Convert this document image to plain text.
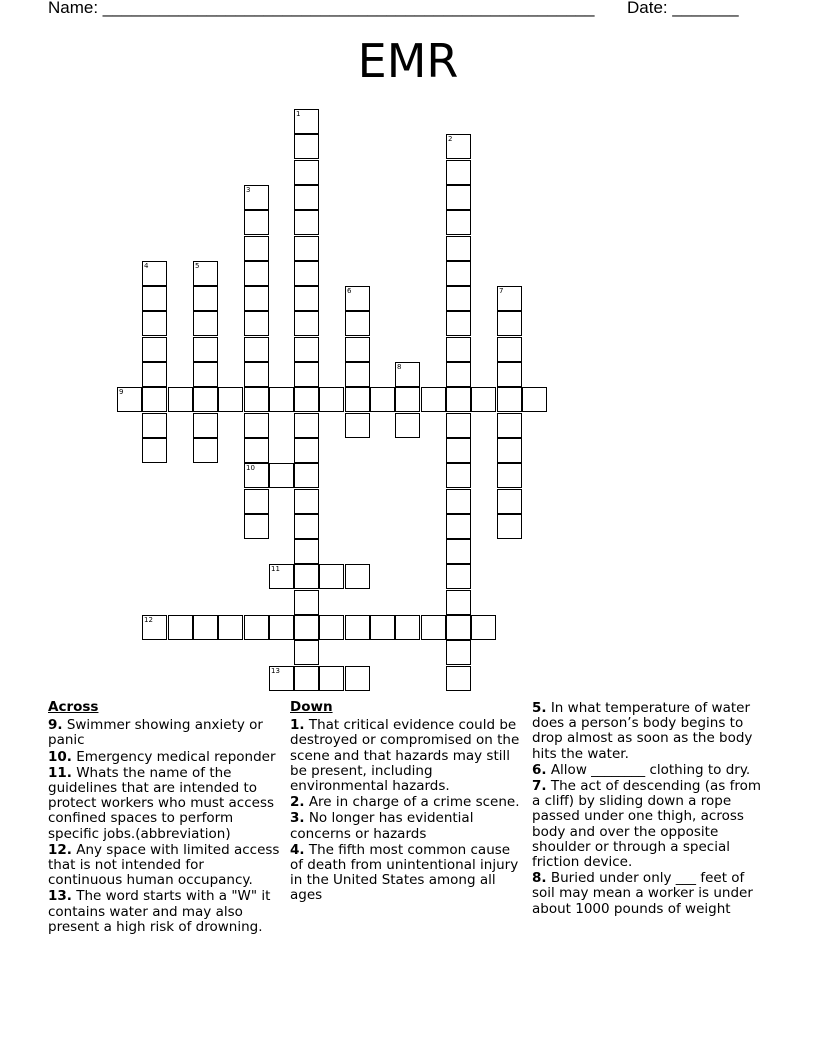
Name: ____________________________________________________ Date: _______
EMR
1
2
3
10
4	5
6	7
8
9
11
12
13
Across
9. Swimmer showing anxiety or panic
10. Emergency medical reponder
11. Whats the name of the guidelines that are intended to protect workers who must access confined spaces to perform specific jobs.(abbreviation)
12. Any space with limited access that is not intended for continuous human occupancy.
13. The word starts with a "W" it contains water and may also present a high risk of drowning.
Down
1. That critical evidence could be destroyed or compromised on the scene and that hazards may still be present, including environmental hazards.
2. Are in charge of a crime scene.
3. No longer has evidential concerns or hazards
4. The fifth most common cause of death from unintentional injury in the United States among all ages
5. In what temperature of water does a person’s body begins to drop almost as soon as the body hits the water.
6. Allow ________ clothing to dry.
7. The act of descending (as from a cliff) by sliding down a rope passed under one thigh, across body and over the opposite shoulder or through a special friction device.
8. Buried under only ___ feet of soil may mean a worker is under about 1000 pounds of weight
